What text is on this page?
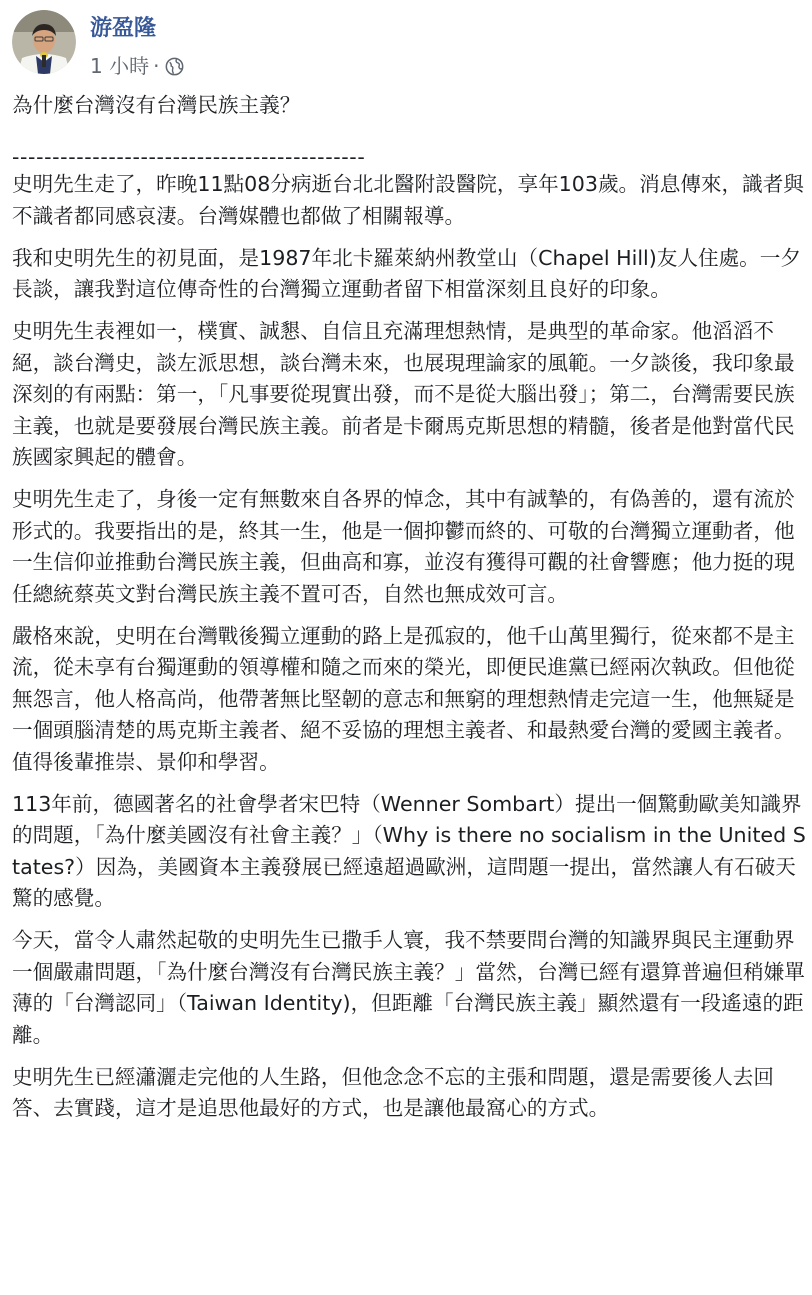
游盈隆
1 小時 ·

為什麼台灣沒有台灣民族主義？

--------------------------------------------

史明先生走了，昨晚11點08分病逝台北北醫附設醫院，享年103歲。消息傳來，識者與不識者都同感哀淒。台灣媒體也都做了相關報導。

我和史明先生的初見面，是1987年北卡羅萊納州教堂山（Chapel Hill)友人住處。一夕長談，讓我對這位傳奇性的台灣獨立運動者留下相當深刻且良好的印象。

史明先生表裡如一，樸實、誠懇、自信且充滿理想熱情，是典型的革命家。他滔滔不絕，談台灣史，談左派思想，談台灣未來，也展現理論家的風範。一夕談後，我印象最深刻的有兩點：第一，「凡事要從現實出發，而不是從大腦出發」；第二，台灣需要民族主義，也就是要發展台灣民族主義。前者是卡爾馬克斯思想的精髓，後者是他對當代民族國家興起的體會。

史明先生走了，身後一定有無數來自各界的悼念，其中有誠摯的，有偽善的，還有流於形式的。我要指出的是，終其一生，他是一個抑鬱而終的、可敬的台灣獨立運動者，他一生信仰並推動台灣民族主義，但曲高和寡，並沒有獲得可觀的社會響應；他力挺的現任總統蔡英文對台灣民族主義不置可否，自然也無成效可言。

嚴格來說，史明在台灣戰後獨立運動的路上是孤寂的，他千山萬里獨行，從來都不是主流，從未享有台獨運動的領導權和隨之而來的榮光，即便民進黨已經兩次執政。但他從無怨言，他人格高尚，他帶著無比堅韌的意志和無窮的理想熱情走完這一生，他無疑是一個頭腦清楚的馬克斯主義者、絕不妥協的理想主義者、和最熱愛台灣的愛國主義者。值得後輩推崇、景仰和學習。

113年前，德國著名的社會學者宋巴特（Wenner Sombart）提出一個驚動歐美知識界的問題，「為什麼美國沒有社會主義？」（Why is there no socialism in the United States?）因為，美國資本主義發展已經遠超過歐洲，這問題一提出，當然讓人有石破天驚的感覺。

今天，當令人肅然起敬的史明先生已撒手人寰，我不禁要問台灣的知識界與民主運動界一個嚴肅問題，「為什麼台灣沒有台灣民族主義？」當然，台灣已經有還算普遍但稍嫌單薄的「台灣認同」（Taiwan Identity)，但距離「台灣民族主義」顯然還有一段遙遠的距離。

史明先生已經瀟灑走完他的人生路，但他念念不忘的主張和問題，還是需要後人去回答、去實踐，這才是追思他最好的方式，也是讓他最窩心的方式。
